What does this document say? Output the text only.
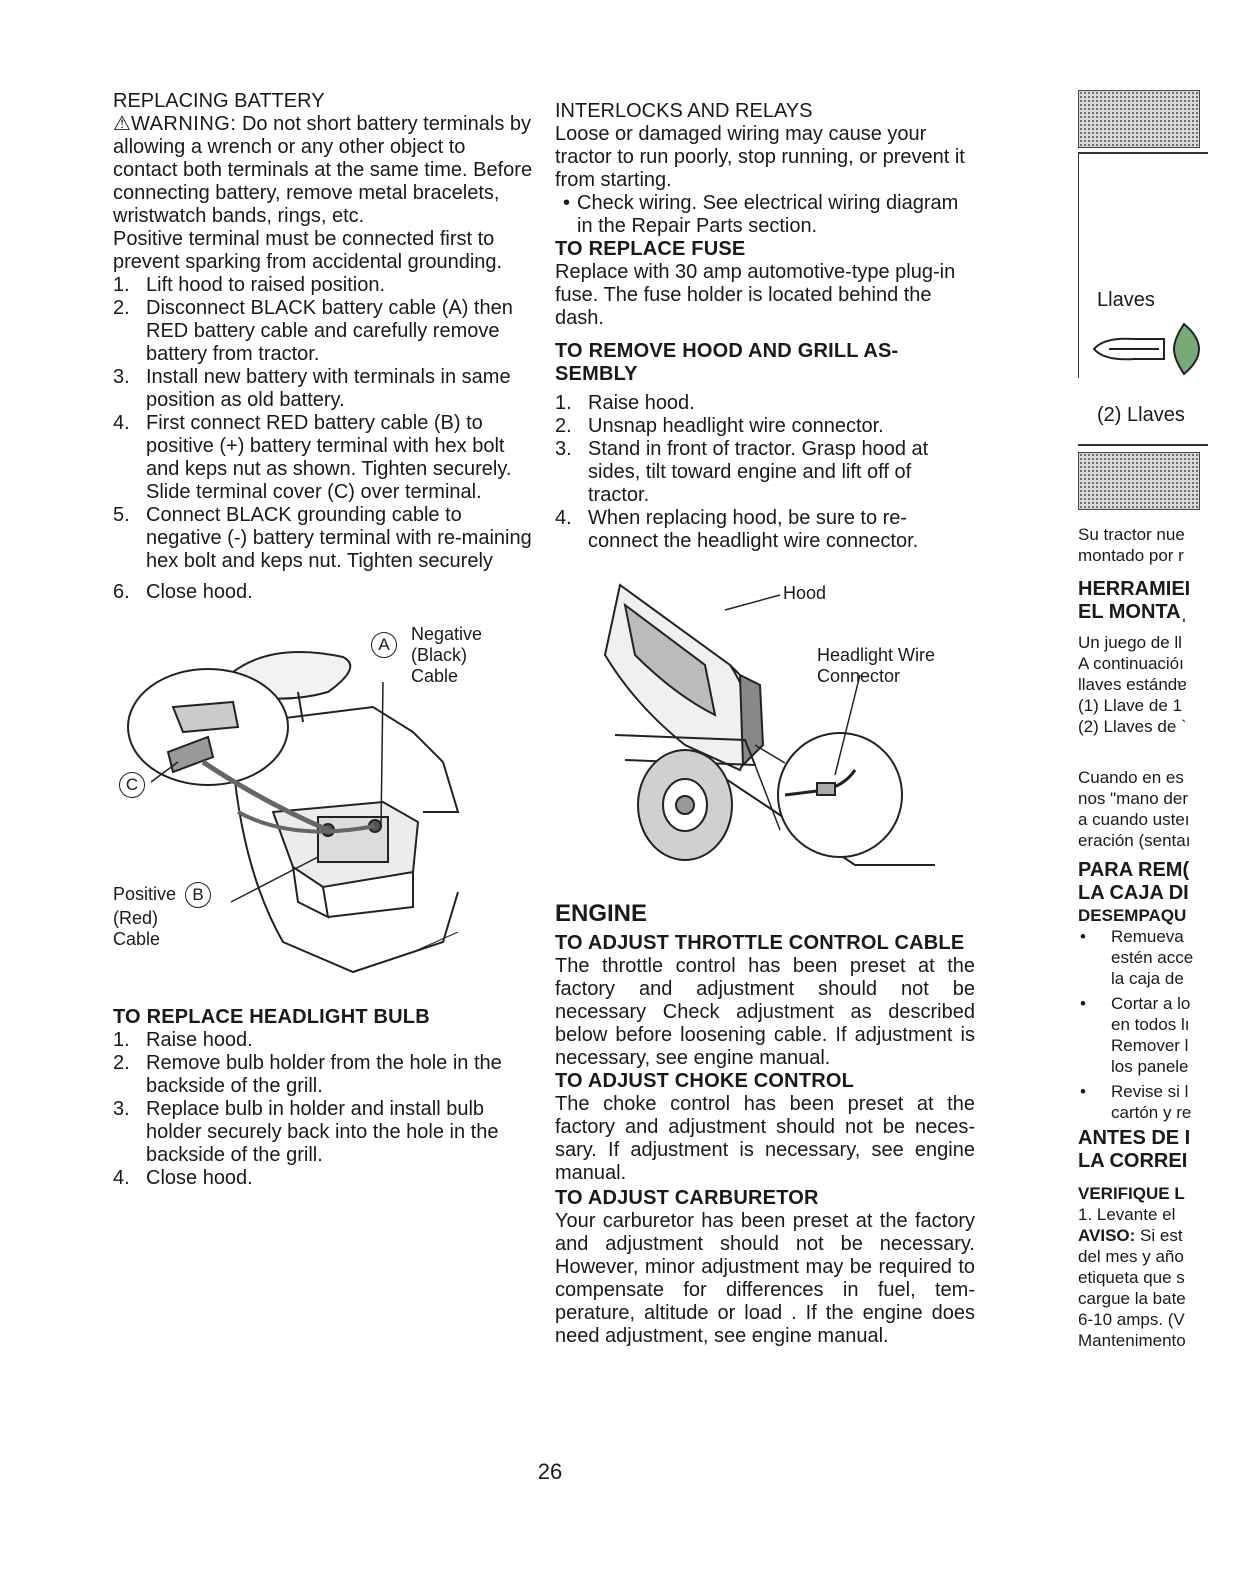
REPLACING BATTERY

⚠WARNING: Do not short battery terminals by allowing a wrench or any other object to contact both terminals at the same time. Before connecting battery, remove metal bracelets, wristwatch bands, rings, etc.

Positive terminal must be connected first to prevent sparking from accidental grounding.

1. Lift hood to raised position.
2. Disconnect BLACK battery cable (A) then RED battery cable and carefully remove battery from tractor.
3. Install new battery with terminals in same position as old battery.
4. First connect RED battery cable (B) to positive (+) battery terminal with hex bolt and keps nut as shown. Tighten securely. Slide terminal cover (C) over terminal.
5. Connect BLACK grounding cable to negative (-) battery terminal with re-maining hex bolt and keps nut. Tighten securely
6. Close hood.
A
Negative
(Black)
Cable
C
Positive B
(Red)
Cable
TO REPLACE HEADLIGHT BULB
1. Raise hood.
2. Remove bulb holder from the hole in the backside of the grill.
3. Replace bulb in holder and install bulb holder securely back into the hole in the backside of the grill.
4. Close hood.
INTERLOCKS AND RELAYS

Loose or damaged wiring may cause your tractor to run poorly, stop running, or prevent it from starting.

• Check wiring. See electrical wiring diagram in the Repair Parts section.
TO REPLACE FUSE

Replace with 30 amp automotive-type plug-in fuse. The fuse holder is located behind the dash.

TO REMOVE HOOD AND GRILL AS-SEMBLY
1. Raise hood.
2. Unsnap headlight wire connector.
3. Stand in front of tractor. Grasp hood at sides, tilt toward engine and lift off of tractor.
4. When replacing hood, be sure to re-connect the headlight wire connector.
Hood
Headlight Wire
Connector
ENGINE
TO ADJUST THROTTLE CONTROL CABLE

The throttle control has been preset at the factory and adjustment should not be necessary Check adjustment as described below before loosening cable. If adjustment is necessary, see engine manual.

TO ADJUST CHOKE CONTROL

The choke control has been preset at the factory and adjustment should not be neces-sary. If adjustment is necessary, see engine manual.

TO ADJUST CARBURETOR

Your carburetor has been preset at the factory and adjustment should not be necessary. However, minor adjustment may be required to compensate for differences in fuel, tem-perature, altitude or load . If the engine does need adjustment, see engine manual.

Llaves
(2) Llaves
Su tractor nue
montado por r
HERRAMIEI
EL MONTAˌ
Un juego de ll
A continuacióı
llaves estándɐ
(1) Llave de 1
(2) Llaves de ˋ
Cuando en es
nos "mano der
a cuando usteı
eración (sentaı
PARA REM(
LA CAJA DI
DESEMPAQU
• Remueva
estén acce
la caja de
• Cortar a lo
en todos lı
Remover l
los panele
• Revise si l
cartón y re
ANTES DE I
LA CORREI
VERIFIQUE L
1. Levante el
AVISO: Si est
del mes y año
etiqueta que s
cargue la bate
6-10 amps. (V
Mantenimento
26
